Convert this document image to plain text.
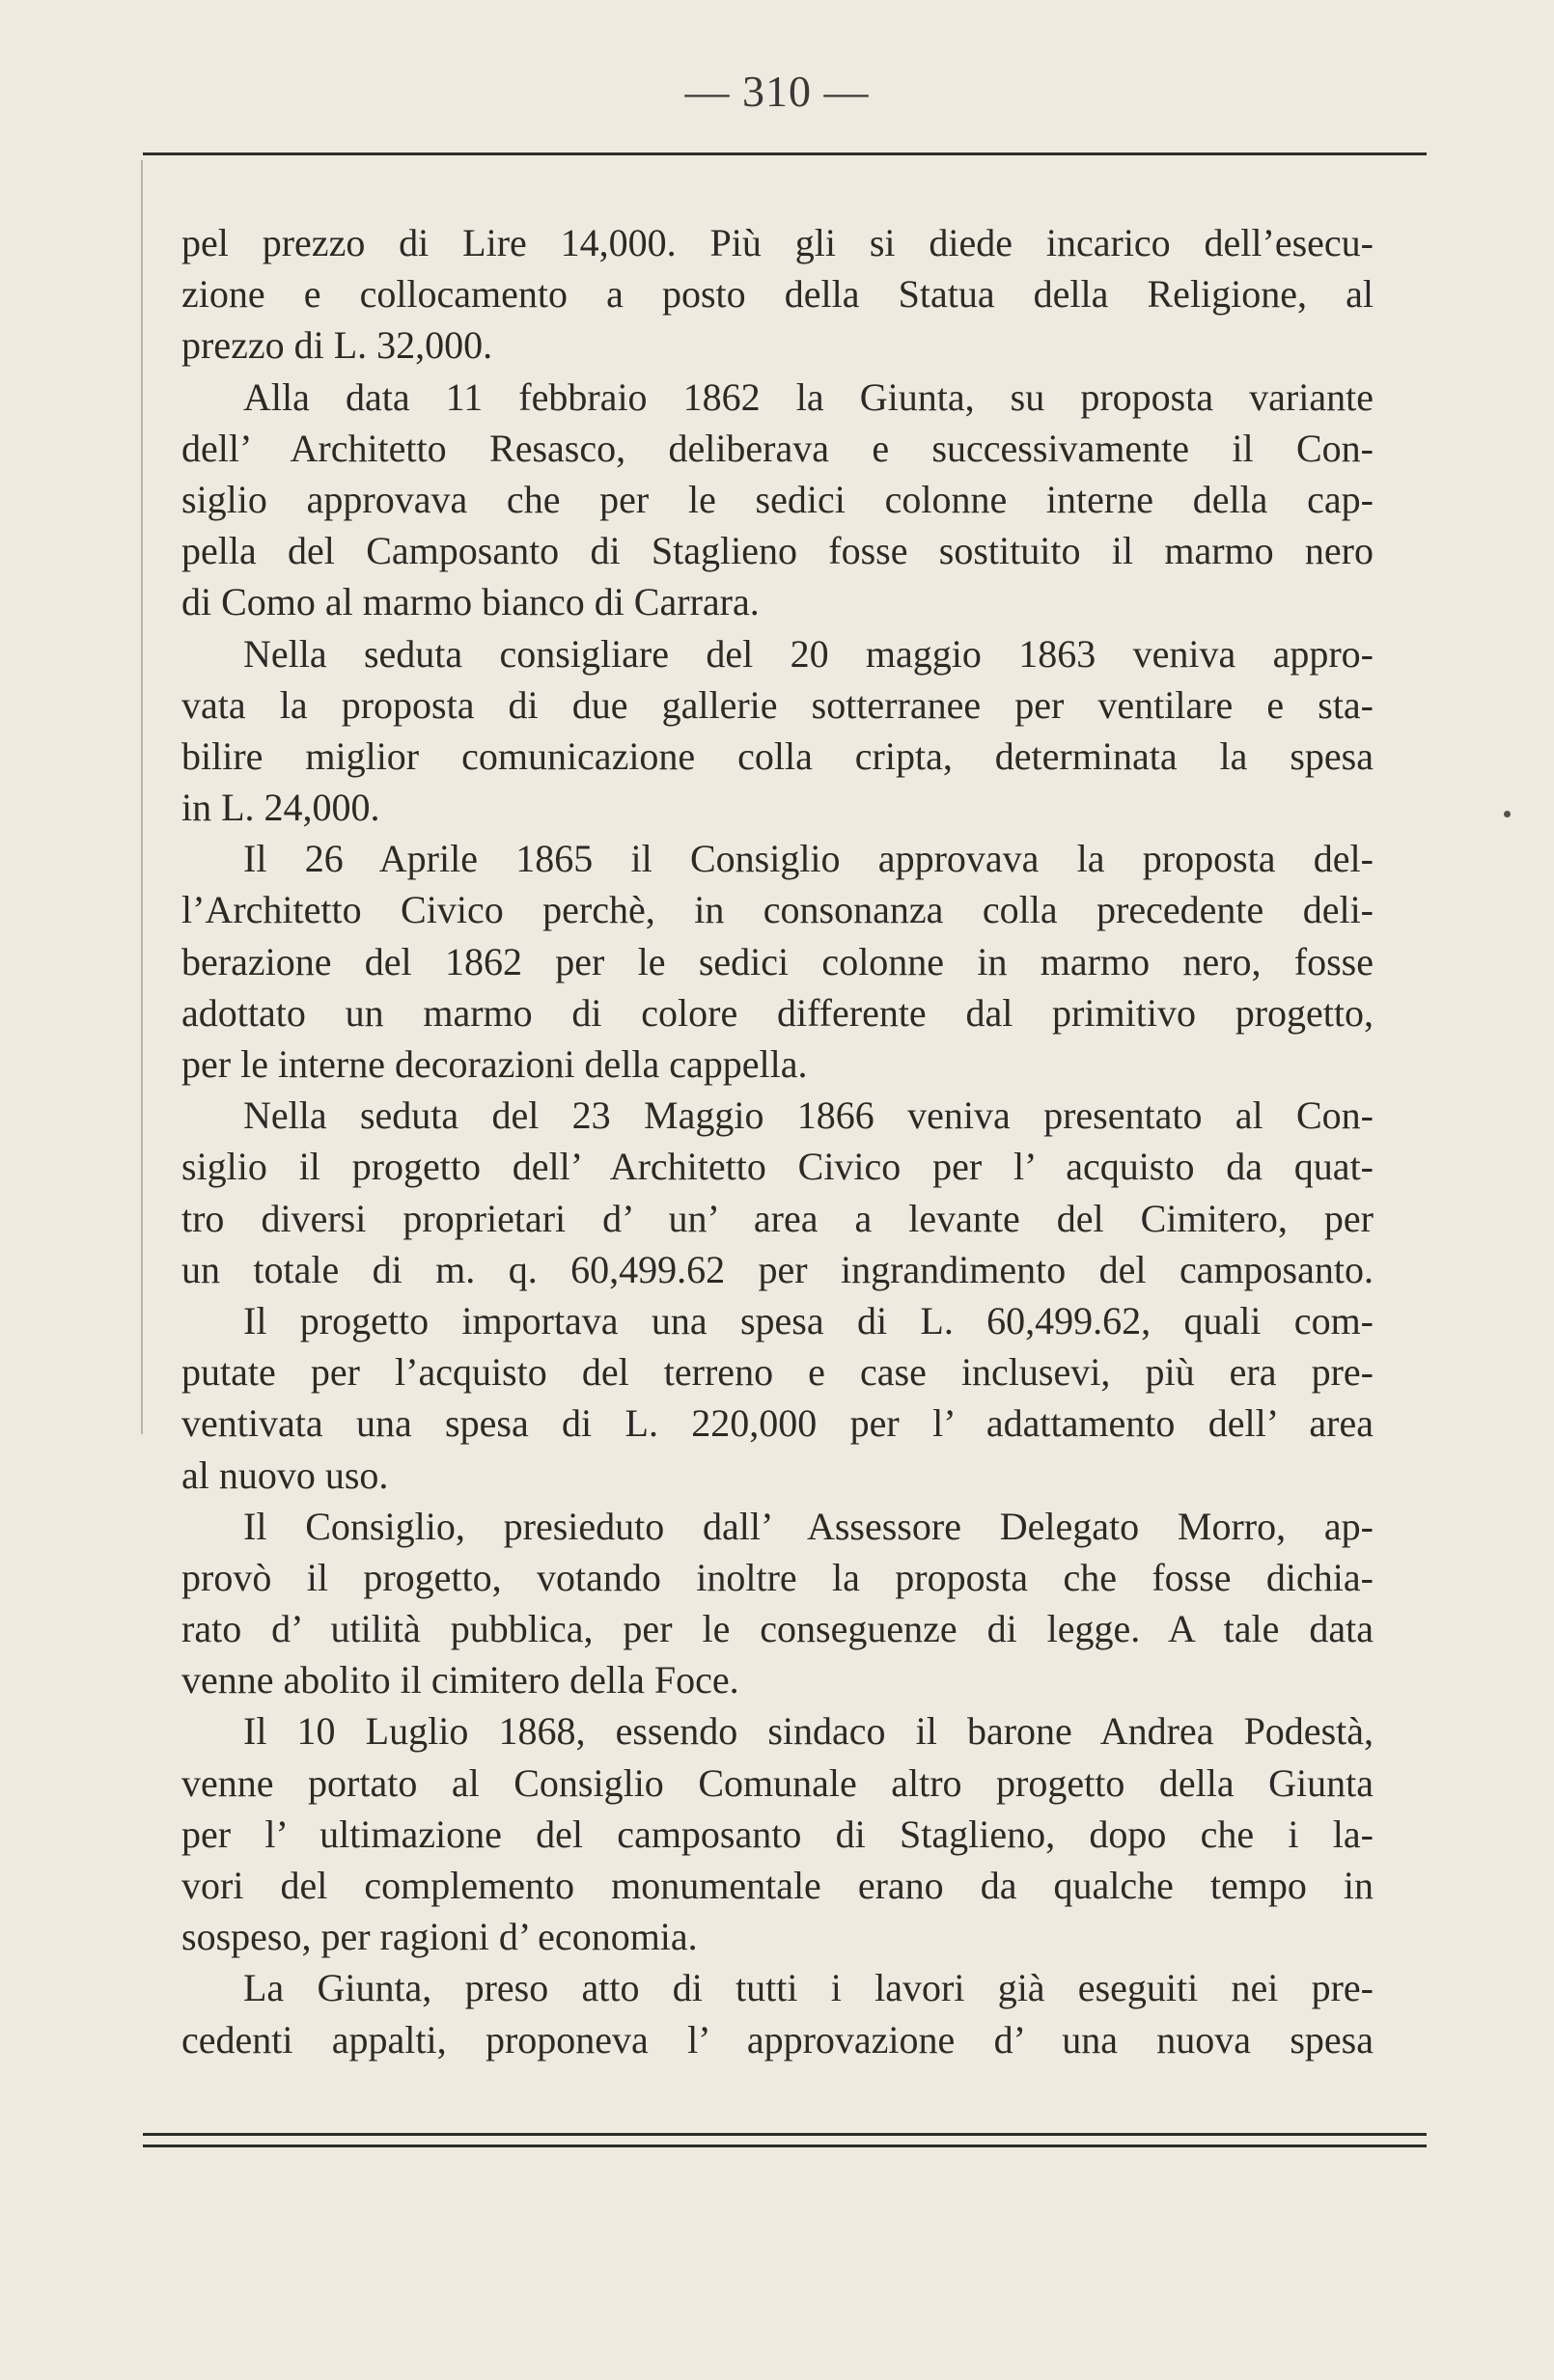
— 310 —
pel prezzo di Lire 14,000. Più gli si diede incarico dell’esecu-
zione e collocamento a posto della Statua della Religione, al
prezzo di L. 32,000.
Alla data 11 febbraio 1862 la Giunta, su proposta variante
dell’ Architetto Resasco, deliberava e successivamente il Con-
siglio approvava che per le sedici colonne interne della cap-
pella del Camposanto di Staglieno fosse sostituito il marmo nero
di Como al marmo bianco di Carrara.
Nella seduta consigliare del 20 maggio 1863 veniva appro-
vata la proposta di due gallerie sotterranee per ventilare e sta-
bilire miglior comunicazione colla cripta, determinata la spesa
in L. 24,000.
Il 26 Aprile 1865 il Consiglio approvava la proposta del-
l’Architetto Civico perchè, in consonanza colla precedente deli-
berazione del 1862 per le sedici colonne in marmo nero, fosse
adottato un marmo di colore differente dal primitivo progetto,
per le interne decorazioni della cappella.
Nella seduta del 23 Maggio 1866 veniva presentato al Con-
siglio il progetto dell’ Architetto Civico per l’ acquisto da quat-
tro diversi proprietari d’ un’ area a levante del Cimitero, per
un totale di m. q. 60,499.62 per ingrandimento del camposanto.
Il progetto importava una spesa di L. 60,499.62, quali com-
putate per l’acquisto del terreno e case inclusevi, più era pre-
ventivata una spesa di L. 220,000 per l’ adattamento dell’ area
al nuovo uso.
Il Consiglio, presieduto dall’ Assessore Delegato Morro, ap-
provò il progetto, votando inoltre la proposta che fosse dichia-
rato d’ utilità pubblica, per le conseguenze di legge. A tale data
venne abolito il cimitero della Foce.
Il 10 Luglio 1868, essendo sindaco il barone Andrea Podestà,
venne portato al Consiglio Comunale altro progetto della Giunta
per l’ ultimazione del camposanto di Staglieno, dopo che i la-
vori del complemento monumentale erano da qualche tempo in
sospeso, per ragioni d’ economia.
La Giunta, preso atto di tutti i lavori già eseguiti nei pre-
cedenti appalti, proponeva l’ approvazione d’ una nuova spesa
